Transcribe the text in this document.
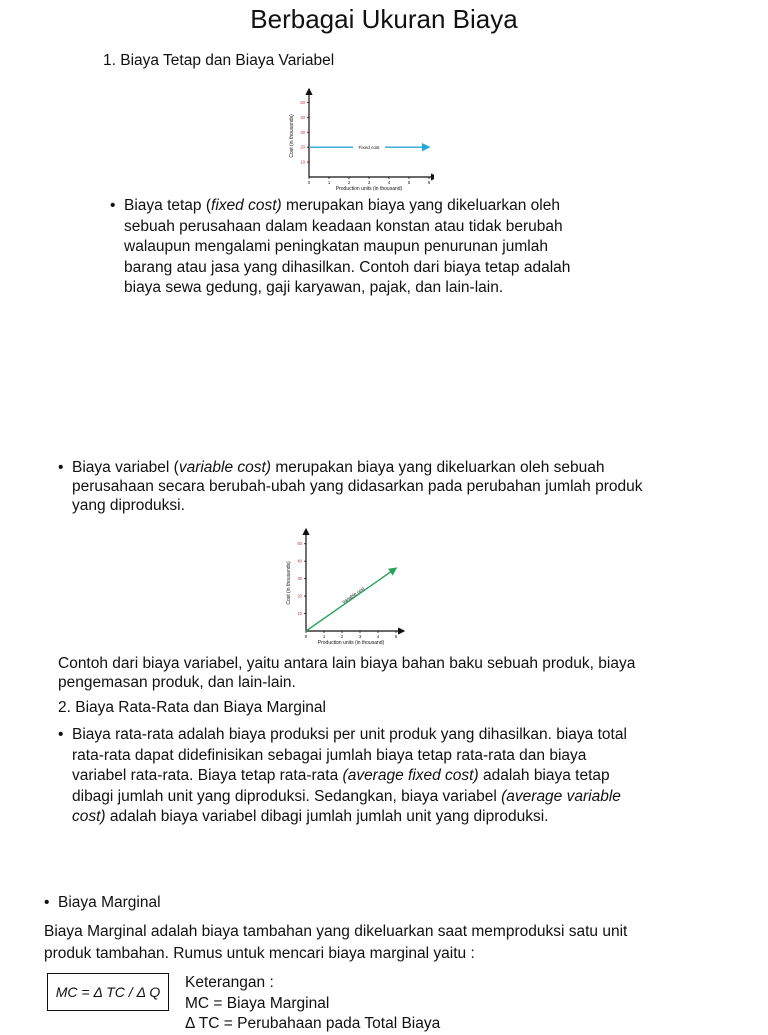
Berbagai Ukuran Biaya
1. Biaya Tetap dan Biaya Variabel
0	1	2	3	4	5	6
10
20
30
40
50
Production units (in thousand)
Cost (in thousands)	Fixed cost
• Biaya tetap (fixed cost) merupakan biaya yang dikeluarkan oleh
sebuah perusahaan dalam keadaan konstan atau tidak berubah
walaupun mengalami peningkatan maupun penurunan jumlah
barang atau jasa yang dihasilkan. Contoh dari biaya tetap adalah
biaya sewa gedung, gaji karyawan, pajak, dan lain-lain.
• Biaya variabel (variable cost) merupakan biaya yang dikeluarkan oleh sebuah
perusahaan secara berubah-ubah yang didasarkan pada perubahan jumlah produk
yang diproduksi.
0	1	2	3	4	5
10
20
30
40
50
Production units (in thousand)
Cost (in thousands)	Variable cost
Contoh dari biaya variabel, yaitu antara lain biaya bahan baku sebuah produk, biaya
pengemasan produk, dan lain-lain.
2. Biaya Rata-Rata dan Biaya Marginal
• Biaya rata-rata adalah biaya produksi per unit produk yang dihasilkan. biaya total
rata-rata dapat didefinisikan sebagai jumlah biaya tetap rata-rata dan biaya
variabel rata-rata. Biaya tetap rata-rata (average fixed cost) adalah biaya tetap
dibagi jumlah unit yang diproduksi. Sedangkan, biaya variabel (average variable
cost) adalah biaya variabel dibagi jumlah jumlah unit yang diproduksi.
• Biaya Marginal
Biaya Marginal adalah biaya tambahan yang dikeluarkan saat memproduksi satu unit
produk tambahan. Rumus untuk mencari biaya marginal yaitu :
MC = Δ TC / Δ Q
Keterangan :
MC = Biaya Marginal
Δ TC = Perubahaan pada Total Biaya
